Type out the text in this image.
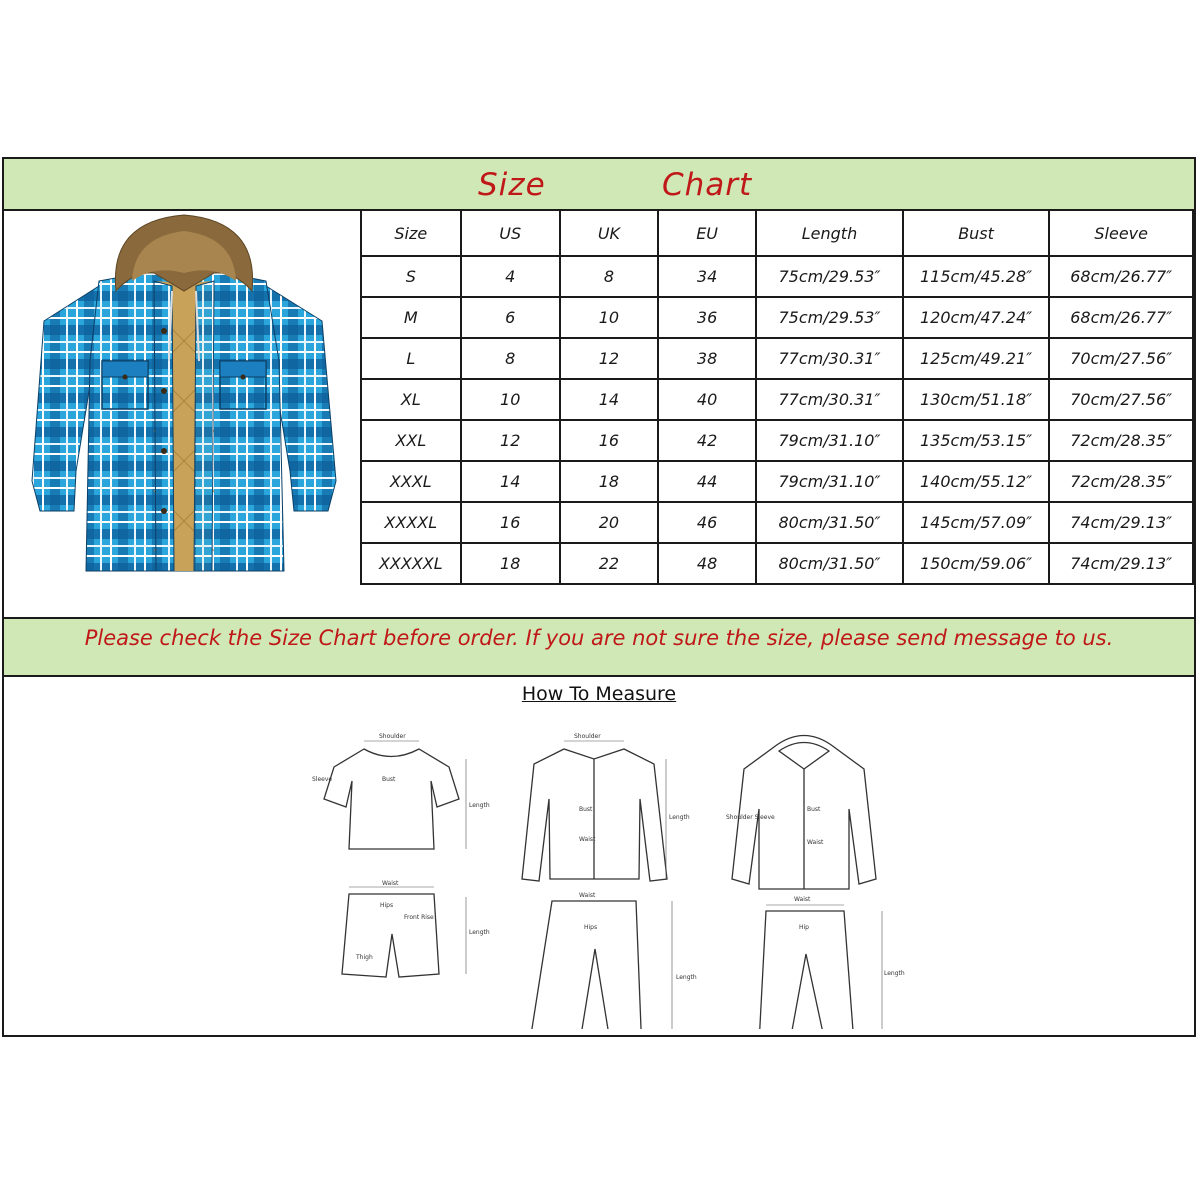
Size	Chart
Size	US	UK	EU	Length	Bust	Sleeve
S	4	8	34	75cm/29.53″	115cm/45.28″	68cm/26.77″
M	6	10	36	75cm/29.53″	120cm/47.24″	68cm/26.77″
L	8	12	38	77cm/30.31″	125cm/49.21″	70cm/27.56″
XL	10	14	40	77cm/30.31″	130cm/51.18″	70cm/27.56″
XXL	12	16	42	79cm/31.10″	135cm/53.15″	72cm/28.35″
XXXL	14	18	44	79cm/31.10″	140cm/55.12″	72cm/28.35″
XXXXL	16	20	46	80cm/31.50″	145cm/57.09″	74cm/29.13″
XXXXXL	18	22	48	80cm/31.50″	150cm/59.06″	74cm/29.13″
Please check the Size Chart before order. If you are not sure the size, please send message to us.
How To Measure
Shoulder
Bust
Length
Sleeve
Waist
Hips
Front Rise
Thigh
Length
Shoulder
Bust
Waist
Length
Waist
Hips
Length
Shoulder Sleeve
Bust
Waist
Waist
Hip
Length
